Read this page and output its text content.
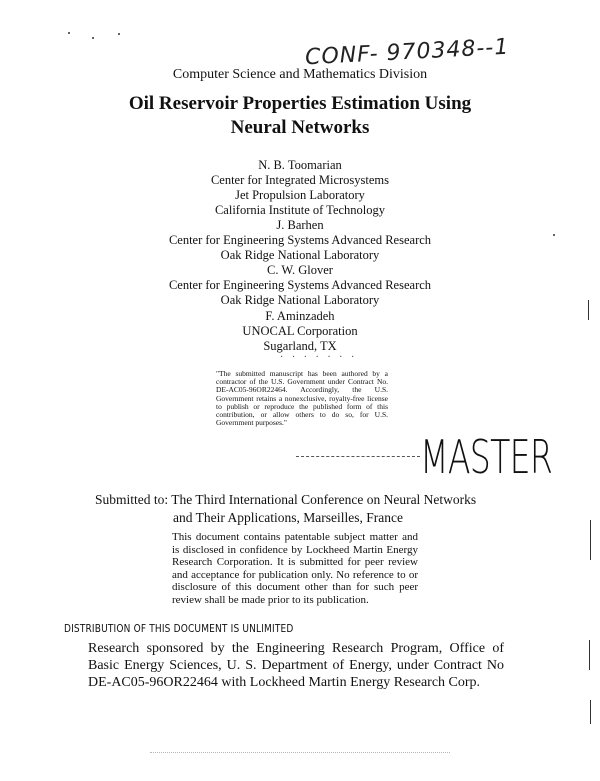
CONF- 970348--1
Computer Science and Mathematics Division
Oil Reservoir Properties Estimation Using
Neural Networks
N. B. Toomarian
Center for Integrated Microsystems
Jet Propulsion Laboratory
California Institute of Technology
J. Barhen
Center for Engineering Systems Advanced Research
Oak Ridge National Laboratory
C. W. Glover
Center for Engineering Systems Advanced Research
Oak Ridge National Laboratory
F. Aminzadeh
UNOCAL Corporation
Sugarland, TX
· · · · · · ·
"The submitted manuscript has been authored by a contractor of the U.S. Government under Contract No. DE-AC05-96OR22464. Accordingly, the U.S. Government retains a nonexclusive, royalty-free license to publish or reproduce the published form of this contribution, or allow others to do so, for U.S. Government purposes."
MASTER
Submitted to: The Third International Conference on Neural Networks
and Their Applications, Marseilles, France
This document contains patentable subject matter and is disclosed in confidence by Lockheed Martin Energy Research Corporation. It is submitted for peer review and acceptance for publication only. No reference to or disclosure of this document other than for such peer review shall be made prior to its publication.
DISTRIBUTION OF THIS DOCUMENT IS UNLIMITED
Research sponsored by the Engineering Research Program, Office of Basic Energy Sciences, U. S. Department of Energy, under Contract No DE-AC05-96OR22464 with Lockheed Martin Energy Research Corp.
